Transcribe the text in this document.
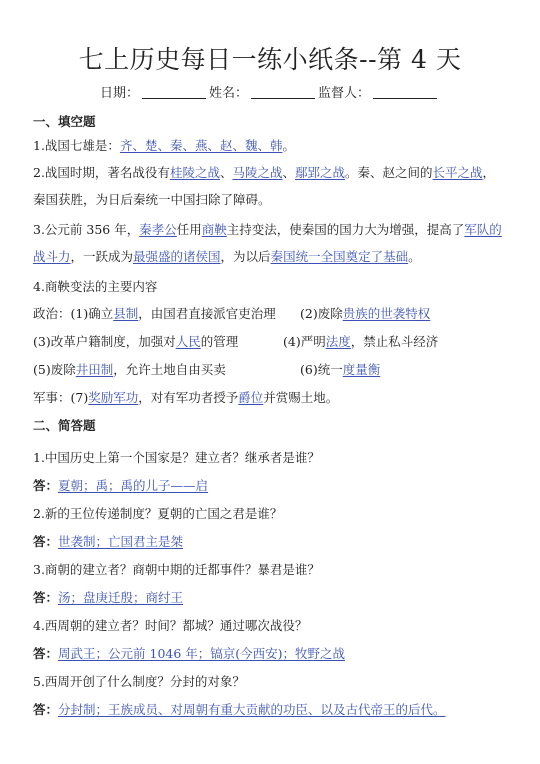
七上历史每日一练小纸条--第 4 天
日期：	姓名：	监督人：
一、填空题
1.战国七雄是：齐、楚、秦、燕、赵、魏、韩。
2.战国时期，著名战役有桂陵之战、马陵之战、鄢郢之战。秦、赵之间的长平之战，
秦国获胜，为日后秦统一中国扫除了障碍。
3.公元前 356 年，秦孝公任用商鞅主持变法，使秦国的国力大为增强，提高了军队的
战斗力，一跃成为最强盛的诸侯国，为以后秦国统一全国奠定了基础。
4.商鞅变法的主要内容
政治：(1)确立县制，由国君直接派官吏治理 (2)废除贵族的世袭特权
(3)改革户籍制度，加强对人民的管理	(4)严明法度，禁止私斗经济
(5)废除井田制，允许土地自由买卖	(6)统一度量衡
军事：(7)奖励军功，对有军功者授予爵位并赏赐土地。
二、简答题
1.中国历史上第一个国家是？建立者？继承者是谁？
答：夏朝；禹；禹的儿子——启
2.新的王位传递制度？夏朝的亡国之君是谁？
答：世袭制；亡国君主是桀
3.商朝的建立者？商朝中期的迁都事件？暴君是谁？
答：汤；盘庚迁殷；商纣王
4.西周朝的建立者？时间？都城？通过哪次战役？
答：周武王；公元前 1046 年；镐京(今西安)；牧野之战
5.西周开创了什么制度？分封的对象？
答：分封制；王族成员、对周朝有重大贡献的功臣、以及古代帝王的后代。
